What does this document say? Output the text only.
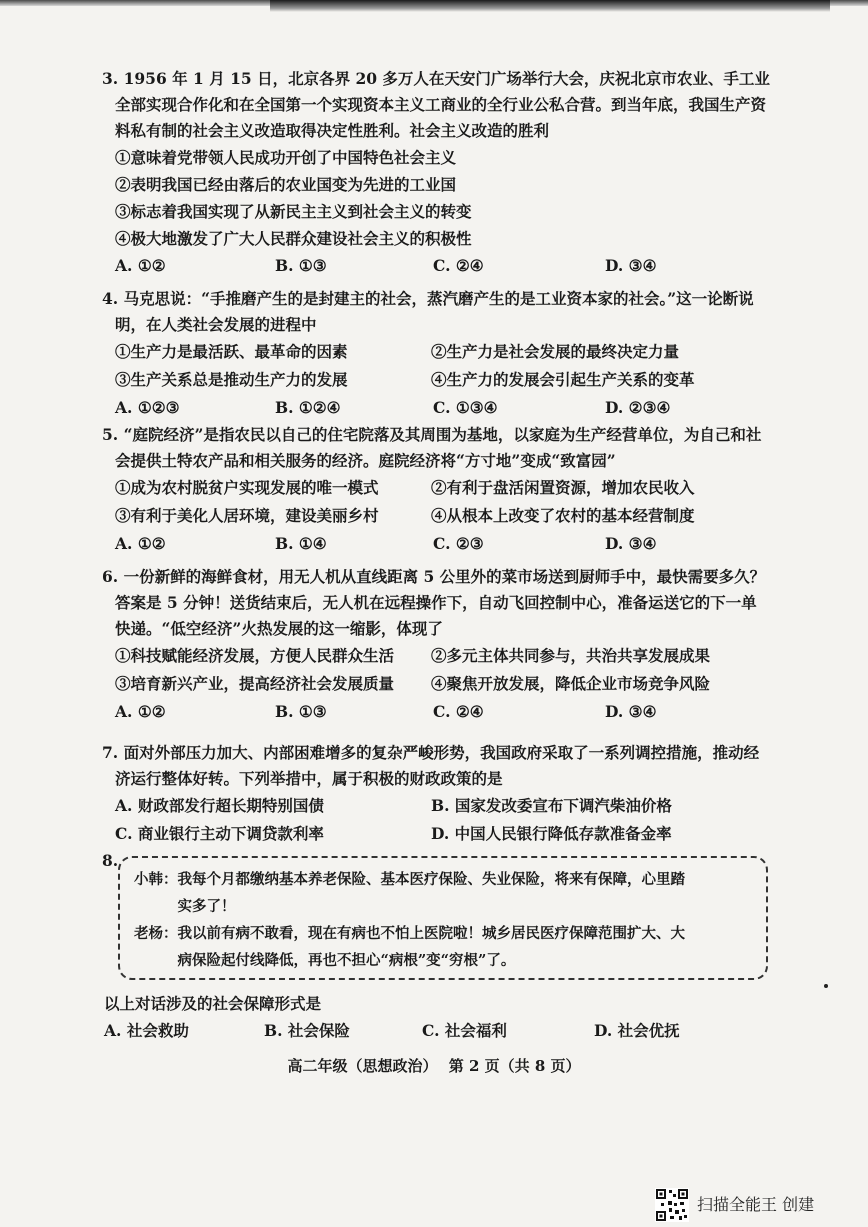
3. 1956 年 1 月 15 日，北京各界 20 多万人在天安门广场举行大会，庆祝北京市农业、手工业全部实现合作化和在全国第一个实现资本主义工商业的全行业公私合营。到当年底，我国生产资料私有制的社会主义改造取得决定性胜利。社会主义改造的胜利
①意味着党带领人民成功开创了中国特色社会主义
②表明我国已经由落后的农业国变为先进的工业国
③标志着我国实现了从新民主主义到社会主义的转变
④极大地激发了广大人民群众建设社会主义的积极性
A. ①②	B. ①③	C. ②④	D. ③④
4. 马克思说：“手推磨产生的是封建主的社会，蒸汽磨产生的是工业资本家的社会。”这一论断说明，在人类社会发展的进程中
①生产力是最活跃、最革命的因素	②生产力是社会发展的最终决定力量
③生产关系总是推动生产力的发展	④生产力的发展会引起生产关系的变革
A. ①②③	B. ①②④	C. ①③④	D. ②③④
5. “庭院经济”是指农民以自己的住宅院落及其周围为基地，以家庭为生产经营单位，为自己和社会提供土特农产品和相关服务的经济。庭院经济将“方寸地”变成“致富园”
①成为农村脱贫户实现发展的唯一模式	②有利于盘活闲置资源，增加农民收入
③有利于美化人居环境，建设美丽乡村	④从根本上改变了农村的基本经营制度
A. ①②	B. ①④	C. ②③	D. ③④
6. 一份新鲜的海鲜食材，用无人机从直线距离 5 公里外的菜市场送到厨师手中，最快需要多久？答案是 5 分钟！送货结束后，无人机在远程操作下，自动飞回控制中心，准备运送它的下一单快递。“低空经济”火热发展的这一缩影，体现了
①科技赋能经济发展，方便人民群众生活	②多元主体共同参与，共治共享发展成果
③培育新兴产业，提高经济社会发展质量	④聚焦开放发展，降低企业市场竞争风险
A. ①②	B. ①③	C. ②④	D. ③④
7. 面对外部压力加大、内部困难增多的复杂严峻形势，我国政府采取了一系列调控措施，推动经济运行整体好转。下列举措中，属于积极的财政政策的是
A. 财政部发行超长期特别国债	B. 国家发改委宣布下调汽柴油价格
C. 商业银行主动下调贷款利率	D. 中国人民银行降低存款准备金率
8.

小韩：我每个月都缴纳基本养老保险、基本医疗保险、失业保险，将来有保障，心里踏

　　　实多了！

老杨：我以前有病不敢看，现在有病也不怕上医院啦！城乡居民医疗保障范围扩大、大

　　　病保险起付线降低，再也不担心“病根”变“穷根”了。

以上对话涉及的社会保障形式是
A. 社会救助	B. 社会保险	C. 社会福利	D. 社会优抚
高二年级（思想政治） 第 2 页（共 8 页）
扫描全能王 创建
